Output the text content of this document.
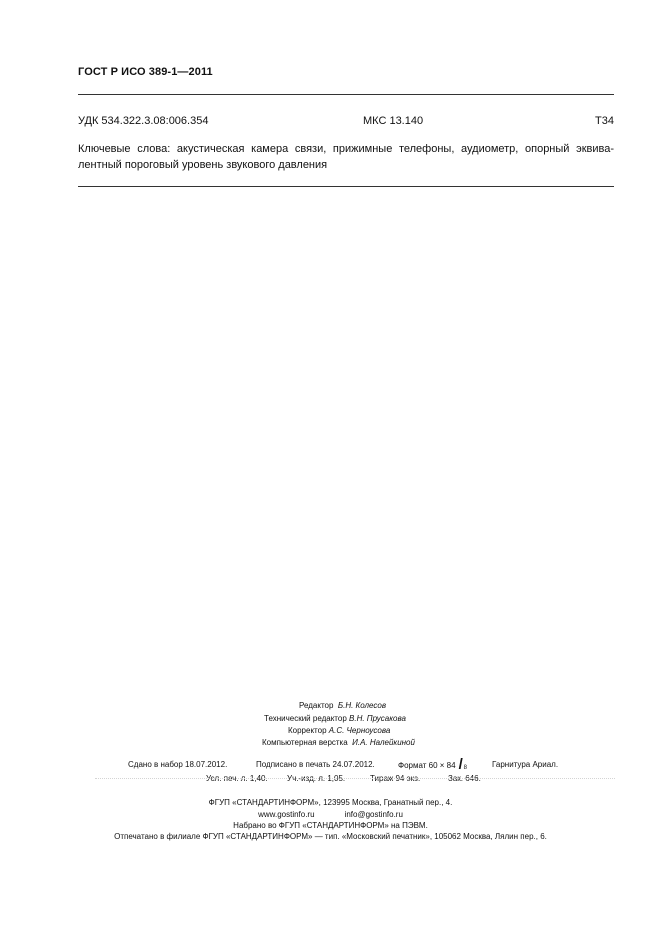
ГОСТ Р ИСО 389-1—2011
УДК 534.322.3.08:006.354	МКС 13.140	Т34
Ключевые слова: акустическая камера связи, прижимные телефоны, аудиометр, опорный эквива-
лентный пороговый уровень звукового давления
Редактор Б.Н. Колесов
Технический редактор В.Н. Прусакова
Корректор А.С. Черноусова
Компьютерная верстка И.А. Налейкиной
Сдано в набор 18.07.2012.	Подписано в печать 24.07.2012.	Формат 60 × 84 / 8	Гарнитура Ариал.
Усл. печ. л. 1,40. Уч.-изд. л. 1,05.	Тираж 94 экз.	Зак. 646.
ФГУП «СТАНДАРТИНФОРМ», 123995 Москва, Гранатный пер., 4.
www.gostinfo.ru	info@gostinfo.ru
Набрано во ФГУП «СТАНДАРТИНФОРМ» на ПЭВМ.
Отпечатано в филиале ФГУП «СТАНДАРТИНФОРМ» — тип. «Московский печатник», 105062 Москва, Лялин пер., 6.
